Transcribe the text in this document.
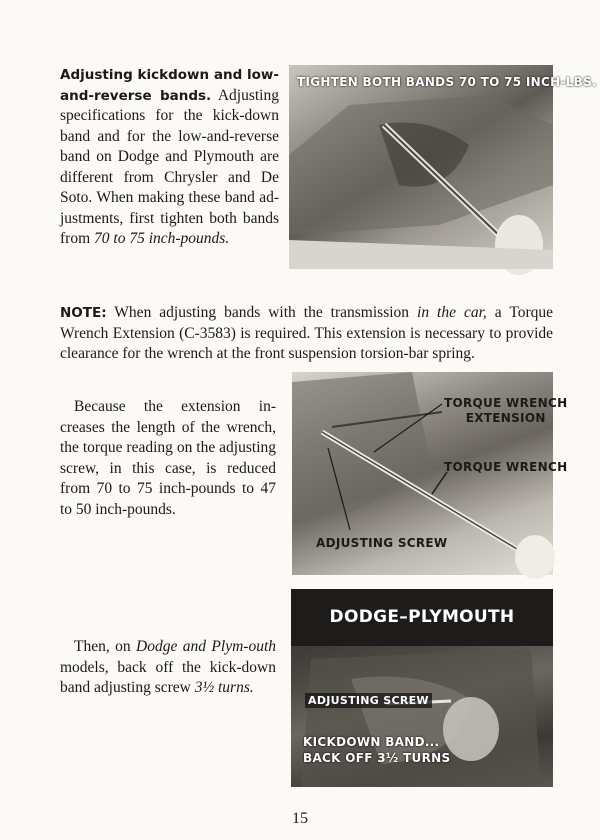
Adjusting kickdown and low-and-reverse bands. Adjusting specifications for the kick-down band and for the low-and-reverse band on Dodge and Plymouth are different from Chrysler and De Soto. When making these band ad-justments, first tighten both bands from 70 to 75 inch-pounds.

TIGHTEN BOTH BANDS 70 TO 75 INCH-LBS.

NOTE: When adjusting bands with the transmission in the car, a Torque Wrench Extension (C-3583) is required. This extension is necessary to provide clearance for the wrench at the front suspension torsion-bar spring.

Because the extension in-creases the length of the wrench, the torque reading on the adjusting screw, in this case, is reduced from 70 to 75 inch-pounds to 47 to 50 inch-pounds.

TORQUE WRENCH
EXTENSION
TORQUE WRENCH
ADJUSTING SCREW

Then, on Dodge and Plym-outh models, back off the kick-down band adjusting screw 3½ turns.

DODGE–PLYMOUTH
ADJUSTING SCREW
KICKDOWN BAND...
BACK OFF 3½ TURNS
15
